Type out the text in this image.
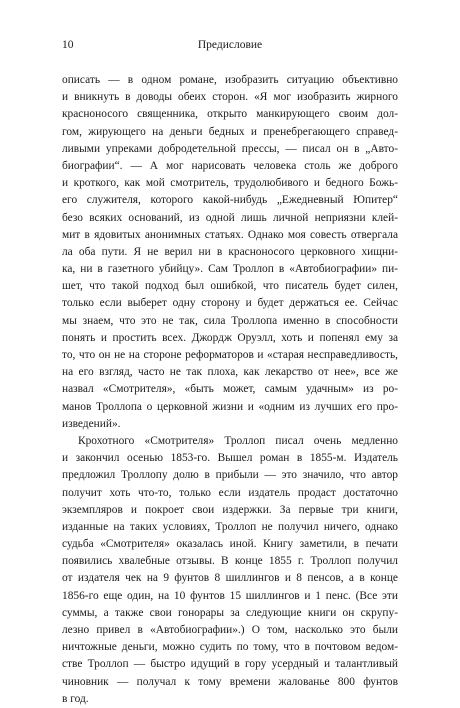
10	Предисловие

описать — в одном романе, изобразить ситуацию объективно
и вникнуть в доводы обеих сторон. «Я мог изобразить жирного
красноносого священника, открыто манкирующего своим дол-
гом, жирующего на деньги бедных и пренебрегающего справед-
ливыми упреками добродетельной прессы, — писал он в „Авто-
биографии“. — А мог нарисовать человека столь же доброго
и кроткого, как мой смотритель, трудолюбивого и бедного Божь-
его служителя, которого какой-нибудь „Ежедневный Юпитер“
безо всяких оснований, из одной лишь личной неприязни клей-
мит в ядовитых анонимных статьях. Однако моя совесть отвергала
ла оба пути. Я не верил ни в красноносого церковного хищни-
ка, ни в газетного убийцу». Сам Троллоп в «Автобиографии» пи-
шет, что такой подход был ошибкой, что писатель будет силен,
только если выберет одну сторону и будет держаться ее. Сейчас
мы знаем, что это не так, сила Троллопа именно в способности
понять и простить всех. Джордж Оруэлл, хоть и попенял ему за
то, что он не на стороне реформаторов и «старая несправедливость,
на его взгляд, часто не так плоха, как лекарство от нее», все же
назвал «Смотрителя», «быть может, самым удачным» из ро-
манов Троллопа о церковной жизни и «одним из лучших его про-
изведений».

Крохотного «Смотрителя» Троллоп писал очень медленно
и закончил осенью 1853-го. Вышел роман в 1855-м. Издатель
предложил Троллопу долю в прибыли — это значило, что автор
получит хоть что-то, только если издатель продаст достаточно
экземпляров и покроет свои издержки. За первые три книги,
изданные на таких условиях, Троллоп не получил ничего, однако
судьба «Смотрителя» оказалась иной. Книгу заметили, в печати
появились хвалебные отзывы. В конце 1855 г. Троллоп получил
от издателя чек на 9 фунтов 8 шиллингов и 8 пенсов, а в конце
1856-го еще один, на 10 фунтов 15 шиллингов и 1 пенс. (Все эти
суммы, а также свои гонорары за следующие книги он скрупу-
лезно привел в «Автобиографии».) О том, насколько это были
ничтожные деньги, можно судить по тому, что в почтовом ведом-
стве Троллоп — быстро идущий в гору усердный и талантливый
чиновник — получал к тому времени жалованье 800 фунтов
в год.
